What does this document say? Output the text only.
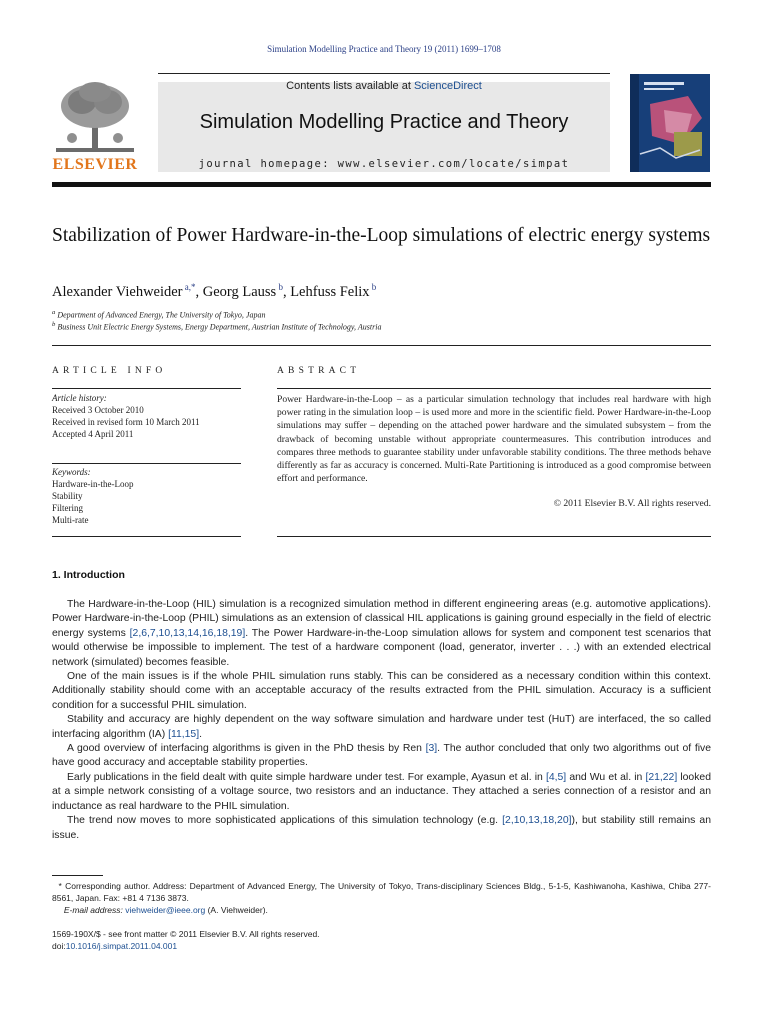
Simulation Modelling Practice and Theory 19 (2011) 1699–1708
ELSEVIER
Contents lists available at ScienceDirect
Simulation Modelling Practice and Theory
journal homepage: www.elsevier.com/locate/simpat
Stabilization of Power Hardware-in-the-Loop simulations of electric energy systems
Alexander Viehweider $^{a,*}$, Georg Lauss $^b$, Lehfuss Felix $^b$
$^a$ Department of Advanced Energy, The University of Tokyo, Japan
$^b$ Business Unit Electric Energy Systems, Energy Department, Austrian Institute of Technology, Austria
ARTICLE INFO	ABSTRACT
Article history:
Received 3 October 2010
Received in revised form 10 March 2011
Accepted 4 April 2011
Keywords:
Hardware-in-the-Loop
Stability
Filtering
Multi-rate
Power Hardware-in-the-Loop – as a particular simulation technology that includes real hardware with high power rating in the simulation loop – is used more and more in the scientific field. Power Hardware-in-the-Loop simulations may suffer – depending on the attached power hardware and the simulated subsystem – from the drawback of becoming unstable without appropriate countermeasures. This contribution introduces and compares three methods to guarantee stability under unfavorable stability conditions. The three methods behave differently as far as accuracy is concerned. Multi-Rate Partitioning is introduced as a good compromise between effort and performance.
© 2011 Elsevier B.V. All rights reserved.
1. Introduction

The Hardware-in-the-Loop (HIL) simulation is a recognized simulation method in different engineering areas (e.g. automotive applications). Power Hardware-in-the-Loop (PHIL) simulations as an extension of classical HIL applications is gaining ground especially in the field of electric energy systems [2,6,7,10,13,14,16,18,19]. The Power Hardware-in-the-Loop simulation allows for system and component test scenarios that would otherwise be impossible to implement. The test of a hardware component (load, generator, inverter . . .) with an extended electrical network (simulated) becomes feasible.

One of the main issues is if the whole PHIL simulation runs stably. This can be considered as a necessary condition within this context. Additionally stability should come with an acceptable accuracy of the results extracted from the PHIL simulation. Accuracy is a sufficient condition for a successful PHIL simulation.

Stability and accuracy are highly dependent on the way software simulation and hardware under test (HuT) are interfaced, the so called interfacing algorithm (IA) [11,15].

A good overview of interfacing algorithms is given in the PhD thesis by Ren [3]. The author concluded that only two algorithms out of five have good accuracy and acceptable stability properties.

Early publications in the field dealt with quite simple hardware under test. For example, Ayasun et al. in [4,5] and Wu et al. in [21,22] looked at a simple network consisting of a voltage source, two resistors and an inductance. They attached a series connection of a resistor and an inductance as real hardware to the PHIL simulation.

The trend now moves to more sophisticated applications of this simulation technology (e.g. [2,10,13,18,20]), but stability still remains an issue.

* Corresponding author. Address: Department of Advanced Energy, The University of Tokyo, Trans-disciplinary Sciences Bldg., 5-1-5, Kashiwanoha, Kashiwa, Chiba 277-8561, Japan. Fax: +81 4 7136 3873.
E-mail address: viehweider@ieee.org (A. Viehweider).
1569-190X/$ - see front matter © 2011 Elsevier B.V. All rights reserved.
doi:10.1016/j.simpat.2011.04.001
